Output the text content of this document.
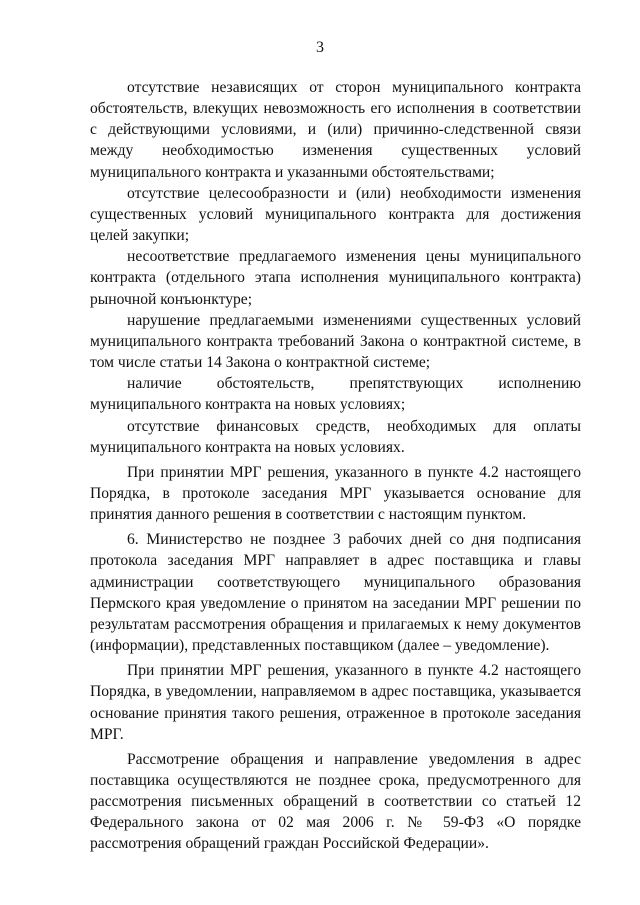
3

отсутствие независящих от сторон муниципального контракта обстоятельств, влекущих невозможность его исполнения в соответствии с действующими условиями, и (или) причинно-следственной связи между необходимостью изменения существенных условий муниципального контракта и указанными обстоятельствами;

отсутствие целесообразности и (или) необходимости изменения существенных условий муниципального контракта для достижения целей закупки;

несоответствие предлагаемого изменения цены муниципального контракта (отдельного этапа исполнения муниципального контракта) рыночной конъюнктуре;

нарушение предлагаемыми изменениями существенных условий муниципального контракта требований Закона о контрактной системе, в том числе статьи 14 Закона о контрактной системе;

наличие обстоятельств, препятствующих исполнению муниципального контракта на новых условиях;

отсутствие финансовых средств, необходимых для оплаты муниципального контракта на новых условиях.

При принятии МРГ решения, указанного в пункте 4.2 настоящего Порядка, в протоколе заседания МРГ указывается основание для принятия данного решения в соответствии с настоящим пунктом.

6. Министерство не позднее 3 рабочих дней со дня подписания протокола заседания МРГ направляет в адрес поставщика и главы администрации соответствующего муниципального образования Пермского края уведомление о принятом на заседании МРГ решении по результатам рассмотрения обращения и прилагаемых к нему документов (информации), представленных поставщиком (далее – уведомление).

При принятии МРГ решения, указанного в пункте 4.2 настоящего Порядка, в уведомлении, направляемом в адрес поставщика, указывается основание принятия такого решения, отраженное в протоколе заседания МРГ.

Рассмотрение обращения и направление уведомления в адрес поставщика осуществляются не позднее срока, предусмотренного для рассмотрения письменных обращений в соответствии со статьей 12 Федерального закона от 02 мая 2006 г. № 59-ФЗ «О порядке рассмотрения обращений граждан Российской Федерации».
